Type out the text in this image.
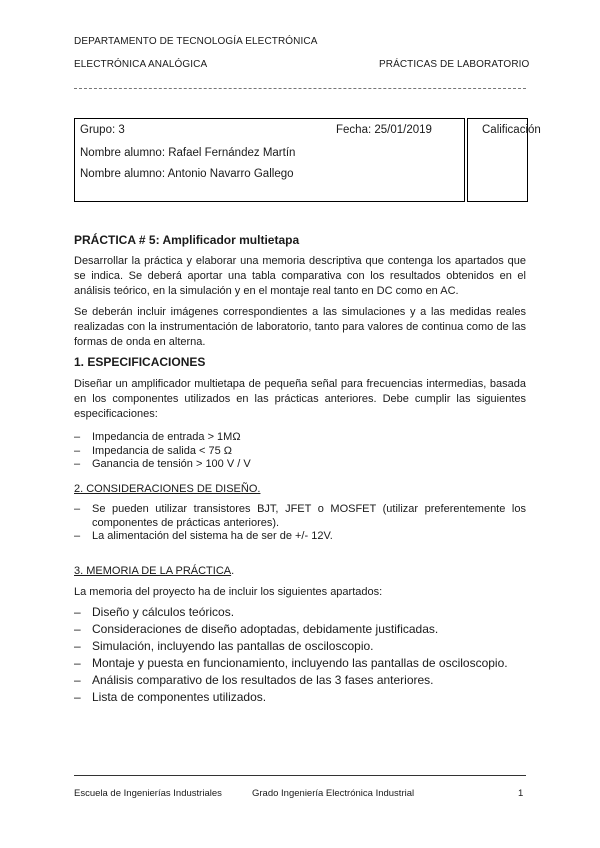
DEPARTAMENTO DE TECNOLOGÍA ELECTRÓNICA
ELECTRÓNICA ANALÓGICA	PRÁCTICAS DE LABORATORIO
Grupo: 3	Fecha: 25/01/2019	Calificación
Nombre alumno: Rafael Fernández Martín
Nombre alumno: Antonio Navarro Gallego
PRÁCTICA # 5: Amplificador multietapa

Desarrollar la práctica y elaborar una memoria descriptiva que contenga los apartados que se indica. Se deberá aportar una tabla comparativa con los resultados obtenidos en el análisis teórico, en la simulación y en el montaje real tanto en DC como en AC.

Se deberán incluir imágenes correspondientes a las simulaciones y a las medidas reales realizadas con la instrumentación de laboratorio, tanto para valores de continua como de las formas de onda en alterna.

1. ESPECIFICACIONES

Diseñar un amplificador multietapa de pequeña señal para frecuencias intermedias, basada en los componentes utilizados en las prácticas anteriores. Debe cumplir las siguientes especificaciones:

– Impedancia de entrada > 1MΩ
– Impedancia de salida < 75 Ω
– Ganancia de tensión > 100 V / V
2. CONSIDERACIONES DE DISEÑO.
– Se pueden utilizar transistores BJT, JFET o MOSFET (utilizar preferentemente los componentes de prácticas anteriores).
– La alimentación del sistema ha de ser de +/- 12V.
3. MEMORIA DE LA PRÁCTICA.

La memoria del proyecto ha de incluir los siguientes apartados:

– Diseño y cálculos teóricos.
– Consideraciones de diseño adoptadas, debidamente justificadas.
– Simulación, incluyendo las pantallas de osciloscopio.
– Montaje y puesta en funcionamiento, incluyendo las pantallas de osciloscopio.
– Análisis comparativo de los resultados de las 3 fases anteriores.
– Lista de componentes utilizados.
Escuela de Ingenierías Industriales	Grado Ingeniería Electrónica Industrial	1
